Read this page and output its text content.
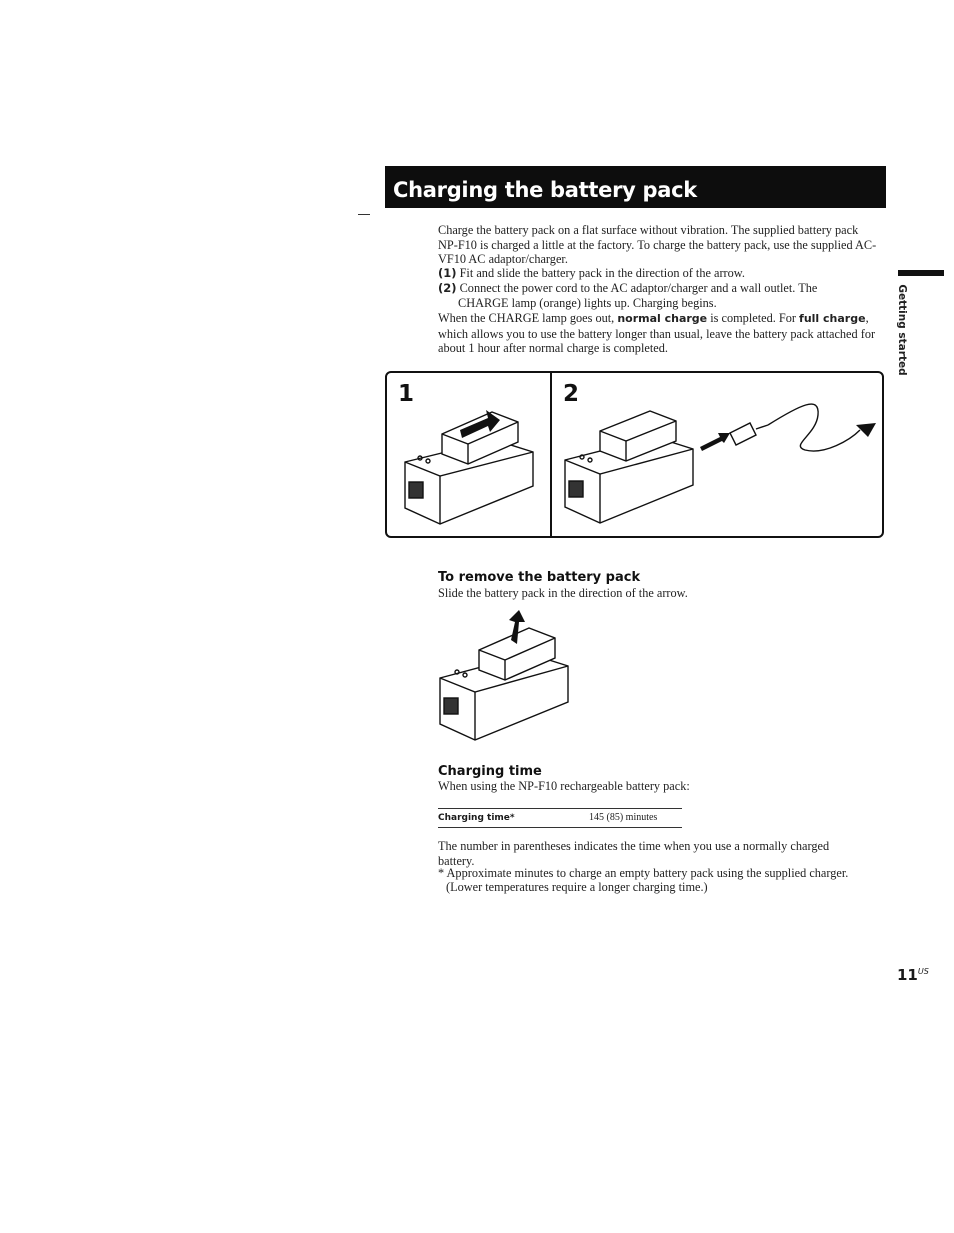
Charging the battery pack
Charge the battery pack on a flat surface without vibration. The supplied battery pack NP-F10 is charged a little at the factory. To charge the battery pack, use the supplied AC-VF10 AC adaptor/charger.
(1) Fit and slide the battery pack in the direction of the arrow.
(2) Connect the power cord to the AC adaptor/charger and a wall outlet. The
CHARGE lamp (orange) lights up. Charging begins.
When the CHARGE lamp goes out, normal charge is completed. For full charge, which allows you to use the battery longer than usual, leave the battery pack attached for about 1 hour after normal charge is completed.	Getting started
1	2
To remove the battery pack
Slide the battery pack in the direction of the arrow.
Charging time
When using the NP-F10 rechargeable battery pack:
Charging time*	145 (85) minutes
The number in parentheses indicates the time when you use a normally charged battery.
* Approximate minutes to charge an empty battery pack using the supplied charger.
(Lower temperatures require a longer charging time.)
$11^{US}$
